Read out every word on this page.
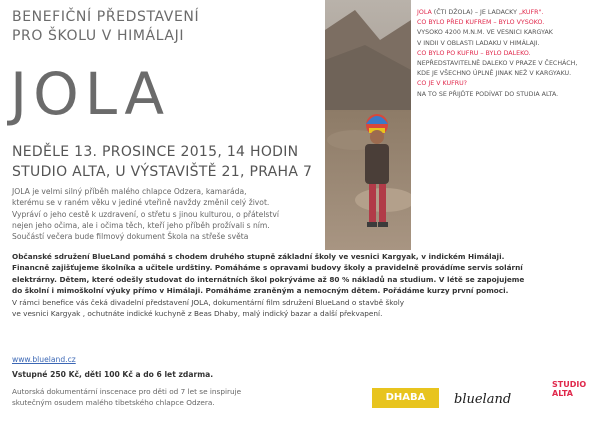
BENEFIČNÍ PŘEDSTAVENÍ
PRO ŠKOLU V HIMÁLAJI
JOLA
NEDĚLE 13. PROSINCE 2015, 14 HODIN
STUDIO ALTA, U VÝSTAVIŠTĚ 21, PRAHA 7
JOLA je velmi silný příběh malého chlapce Odzera, kamaráda,
kterému se v raném věku v jediné vteřině navždy změnil celý život.
Vypráví o jeho cestě k uzdravení, o střetu s jinou kulturou, o přátelství
nejen jeho očima, ale i očima těch, kteří jeho příběh prožívali s ním.
Součástí večera bude filmový dokument Škola na střeše světa
JOLA (ČTI DŽOLA) – JE LADACKY „KUFR".
CO BYLO PŘED KUFREM – BYLO VYSOKO.
VYSOKO 4200 M.N.M. VE VESNICI KARGYAK
V INDII V OBLASTI LADAKU V HIMÁLAJI.
CO BYLO PO KUFRU – BYLO DALEKO.
NEPŘEDSTAVITELNĚ DALEKO V PRAZE V ČECHÁCH,
KDE JE VŠECHNO ÚPLNĚ JINAK NEŽ V KARGYAKU.
CO JE V KUFRU?
NA TO SE PŘIJĎTE PODÍVAT DO STUDIA ALTA.
Občanské sdružení BlueLand pomáhá s chodem druhého stupně základní školy ve vesnici Kargyak, v indickém Himálaji.
Financně zajišťujeme školníka a učitele urdštiny. Pomáháme s opravami budovy školy a pravidelně provádíme servis solární
elektrárny. Dětem, které odešly studovat do internátních škol pokrýváme až 80 % nákladů na studium. V létě se zapojujeme
do školní i mimoškolní výuky přímo v Himálaji. Pomáháme zraněným a nemocným dětem. Pořádáme kurzy první pomoci.
V rámci benefice vás čeká divadelní představení JOLA, dokumentární film sdružení BlueLand o stavbě školy
ve vesnici Kargyak , ochutnáte indické kuchyně z Beas Dhaby, malý indický bazar a další překvapení.
www.blueland.cz
Vstupné 250 Kč, děti 100 Kč a do 6 let zdarma.
Autorská dokumentární inscenace pro děti od 7 let se inspiruje
skutečným osudem malého tibetského chlapce Odzera.	DHABA BEAS
blueland
STUDIO
ALTA
